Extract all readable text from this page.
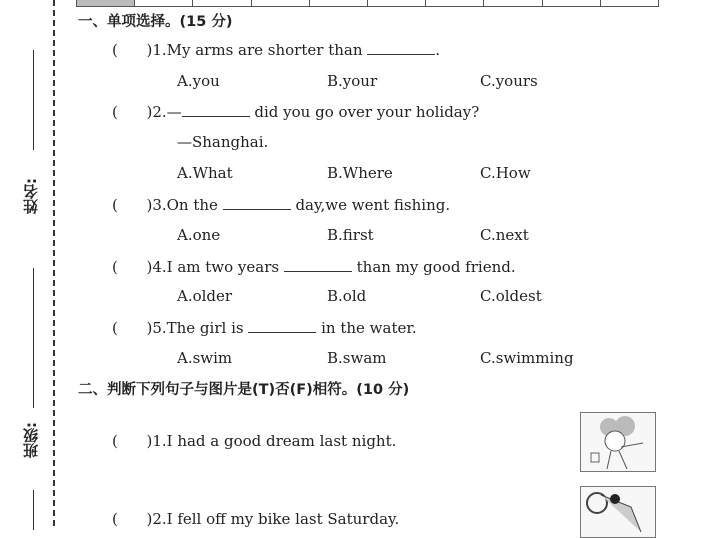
姓名:
班级:
一、单项选择。(15 分)
(      )1.My arms are shorter than	.
A.you	B.your	C.yours
(      )2.—	did you go over your holiday?
—Shanghai.
A.What	B.Where	C.How
(      )3.On the	day,we went fishing.
A.one	B.first	C.next
(      )4.I am two years	than my good friend.
A.older	B.old	C.oldest
(      )5.The girl is	in the water.
A.swim	B.swam	C.swimming
二、判断下列句子与图片是(T)否(F)相符。(10 分)
(      )1.I had a good dream last night.
(      )2.I fell off my bike last Saturday.
